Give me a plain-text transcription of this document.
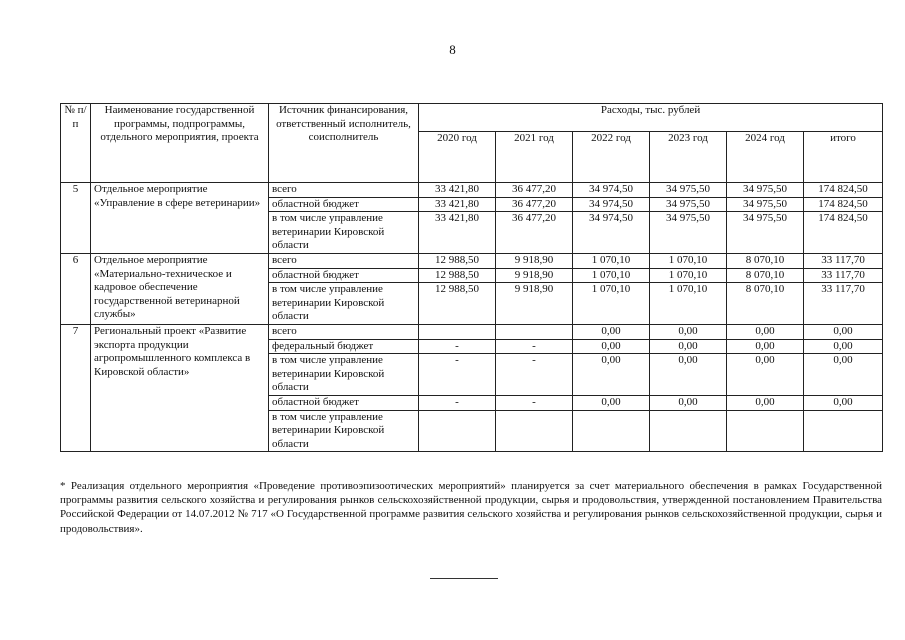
8
№ п/п	Наименование государственной программы, подпрограммы, отдельного мероприятия, проекта	Источник финансирования, ответственный исполнитель, соисполнитель	Расходы, тыс. рублей					
			2020 год	2021 год	2022 год	2023 год	2024 год	итого
5	Отдельное мероприятие «Управление в сфере ветеринарии»	всего	33 421,80	36 477,20	34 974,50	34 975,50	34 975,50	174 824,50
		областной бюджет	33 421,80	36 477,20	34 974,50	34 975,50	34 975,50	174 824,50
		в том числе управление ветеринарии Кировской области	33 421,80	36 477,20	34 974,50	34 975,50	34 975,50	174 824,50
6	Отдельное мероприятие «Материально-техническое и кадровое обеспечение государственной ветеринарной службы»	всего	12 988,50	9 918,90	1 070,10	1 070,10	8 070,10	33 117,70
		областной бюджет	12 988,50	9 918,90	1 070,10	1 070,10	8 070,10	33 117,70
		в том числе управление ветеринарии Кировской области	12 988,50	9 918,90	1 070,10	1 070,10	8 070,10	33 117,70
7	Региональный проект «Развитие экспорта продукции агропромышленного комплекса в Кировской области»	всего			0,00	0,00	0,00	0,00
		федеральный бюджет	-	-	0,00	0,00	0,00	0,00
		в том числе управление ветеринарии Кировской области	-	-	0,00	0,00	0,00	0,00
		областной бюджет	-	-	0,00	0,00	0,00	0,00
		в том числе управление ветеринарии Кировской области						
* Реализация отдельного мероприятия «Проведение противоэпизоотических мероприятий» планируется за счет материального обеспечения в рамках Государственной программы развития сельского хозяйства и регулирования рынков сельскохозяйственной продукции, сырья и продовольствия, утвержденной постановлением Правительства Российской Федерации от 14.07.2012 № 717 «О Государственной программе развития сельского хозяйства и регулирования рынков сельскохозяйственной продукции, сырья и продовольствия».
